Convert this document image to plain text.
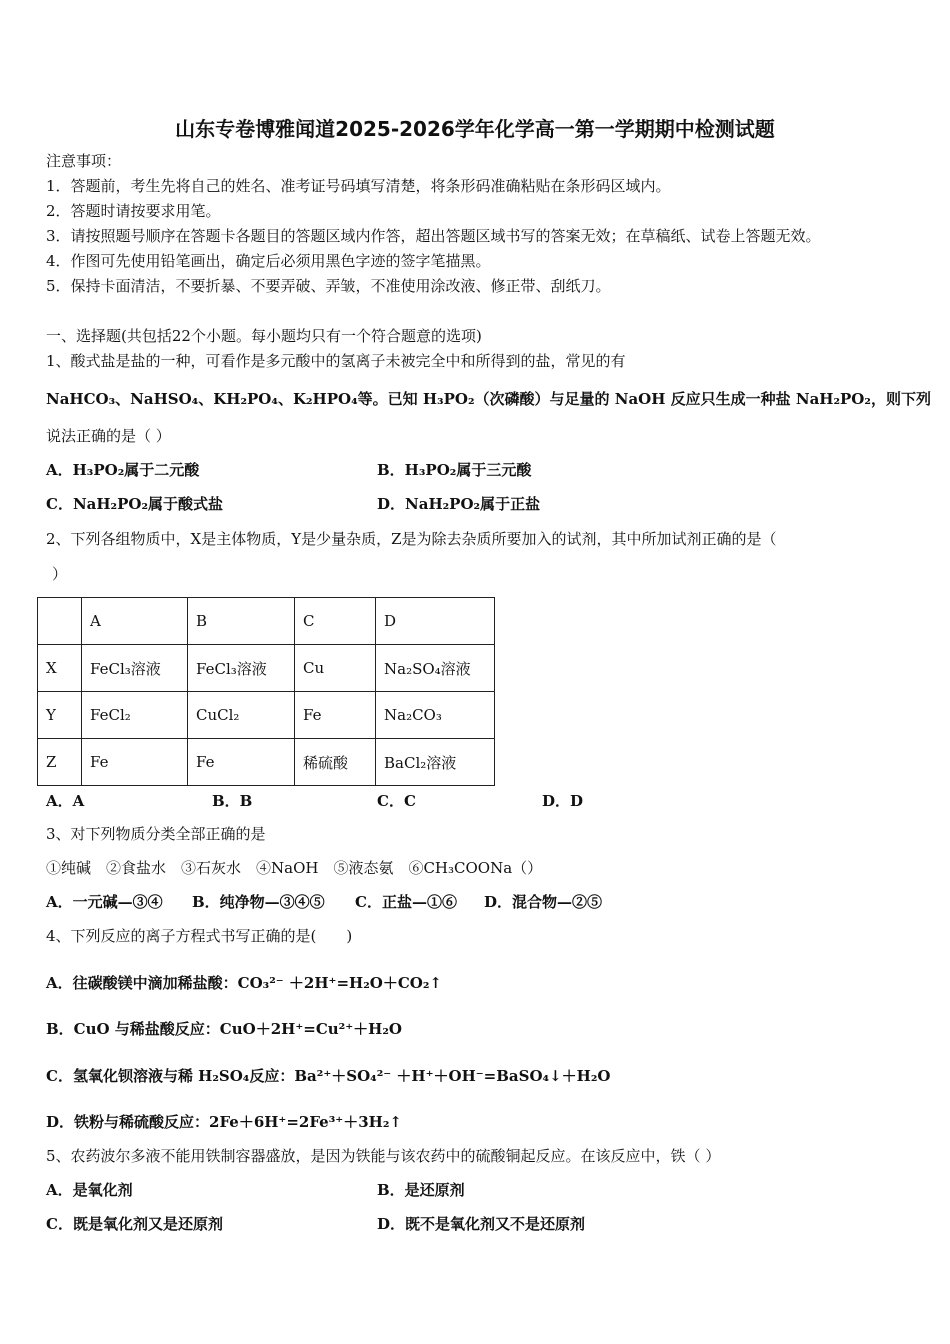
山东专卷博雅闻道2025-2026学年化学高一第一学期期中检测试题
注意事项：
1．答题前，考生先将自己的姓名、准考证号码填写清楚，将条形码准确粘贴在条形码区域内。
2．答题时请按要求用笔。
3．请按照题号顺序在答题卡各题目的答题区域内作答，超出答题区域书写的答案无效；在草稿纸、试卷上答题无效。
4．作图可先使用铅笔画出，确定后必须用黑色字迹的签字笔描黑。
5．保持卡面清洁，不要折暴、不要弄破、弄皱，不准使用涂改液、修正带、刮纸刀。
一、选择题(共包括22个小题。每小题均只有一个符合题意的选项)
1、酸式盐是盐的一种，可看作是多元酸中的氢离子未被完全中和所得到的盐，常见的有
NaHCO₃、NaHSO₄、KH₂PO₄、K₂HPO₄等。已知 H₃PO₂（次磷酸）与足量的 NaOH 反应只生成一种盐 NaH₂PO₂，则下列
说法正确的是（ ）
A．H₃PO₂属于二元酸	B．H₃PO₂属于三元酸
C．NaH₂PO₂属于酸式盐	D．NaH₂PO₂属于正盐
2、下列各组物质中，X是主体物质，Y是少量杂质，Z是为除去杂质所要加入的试剂，其中所加试剂正确的是（
）
	A	B	C	D
X	FeCl₃溶液	FeCl₃溶液	Cu	Na₂SO₄溶液
Y	FeCl₂	CuCl₂	Fe	Na₂CO₃
Z	Fe	Fe	稀硫酸	BaCl₂溶液
A．A	B．B	C．C	D．D
3、对下列物质分类全部正确的是
①纯碱　②食盐水　③石灰水　④NaOH　⑤液态氨　⑥CH₃COONa（）
A．一元碱—③④ B．纯净物—③④⑤ C．正盐—①⑥ D．混合物—②⑤
4、下列反应的离子方程式书写正确的是(　　)
A．往碳酸镁中滴加稀盐酸：CO₃²⁻ ＋2H⁺=H₂O＋CO₂↑
B．CuO 与稀盐酸反应：CuO＋2H⁺=Cu²⁺＋H₂O
C．氢氧化钡溶液与稀 H₂SO₄反应：Ba²⁺＋SO₄²⁻ ＋H⁺＋OH⁻=BaSO₄↓＋H₂O
D．铁粉与稀硫酸反应：2Fe＋6H⁺=2Fe³⁺＋3H₂↑
5、农药波尔多液不能用铁制容器盛放，是因为铁能与该农药中的硫酸铜起反应。在该反应中，铁（ ）
A．是氧化剂	B．是还原剂
C．既是氧化剂又是还原剂	D．既不是氧化剂又不是还原剂
